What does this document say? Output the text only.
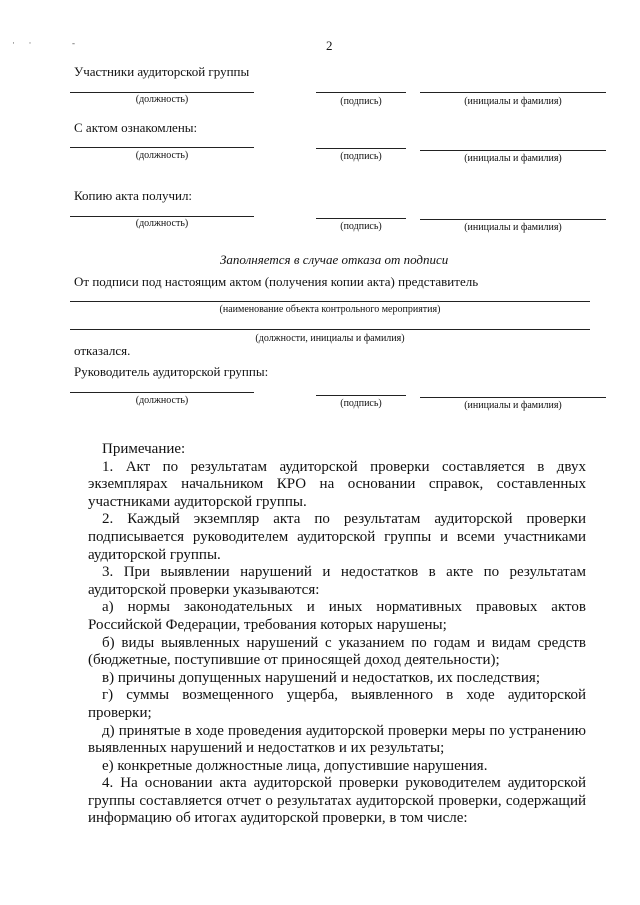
·      ·                  -	2
Участники аудиторской группы
(должность)	(подпись)	(инициалы и фамилия)
С актом ознакомлены:
(должность)	(подпись)	(инициалы и фамилия)
Копию акта получил:
(должность)	(подпись)	(инициалы и фамилия)
Заполняется в случае отказа от подписи
От подписи под настоящим актом (получения копии акта) представитель
(наименование объекта контрольного мероприятия)
(должности, инициалы и фамилия)
отказался.
Руководитель аудиторской группы:
(должность)	(подпись)	(инициалы и фамилия)

Примечание:

1. Акт по результатам аудиторской проверки составляется в двух экземплярах начальником КРО на основании справок, составленных участниками аудиторской группы.

2. Каждый экземпляр акта по результатам аудиторской проверки подписывается руководителем аудиторской группы и всеми участниками аудиторской группы.

3. При выявлении нарушений и недостатков в акте по результатам аудиторской проверки указываются:

а) нормы законодательных и иных нормативных правовых актов Российской Федерации, требования которых нарушены;

б) виды выявленных нарушений с указанием по годам и видам средств (бюджетные, поступившие от приносящей доход деятельности);

в) причины допущенных нарушений и недостатков, их последствия;

г) суммы возмещенного ущерба, выявленного в ходе аудиторской проверки;

д) принятые в ходе проведения аудиторской проверки меры по устранению выявленных нарушений и недостатков и их результаты;

е) конкретные должностные лица, допустившие нарушения.

4. На основании акта аудиторской проверки руководителем аудиторской группы составляется отчет о результатах аудиторской проверки, содержащий информацию об итогах аудиторской проверки, в том числе:
